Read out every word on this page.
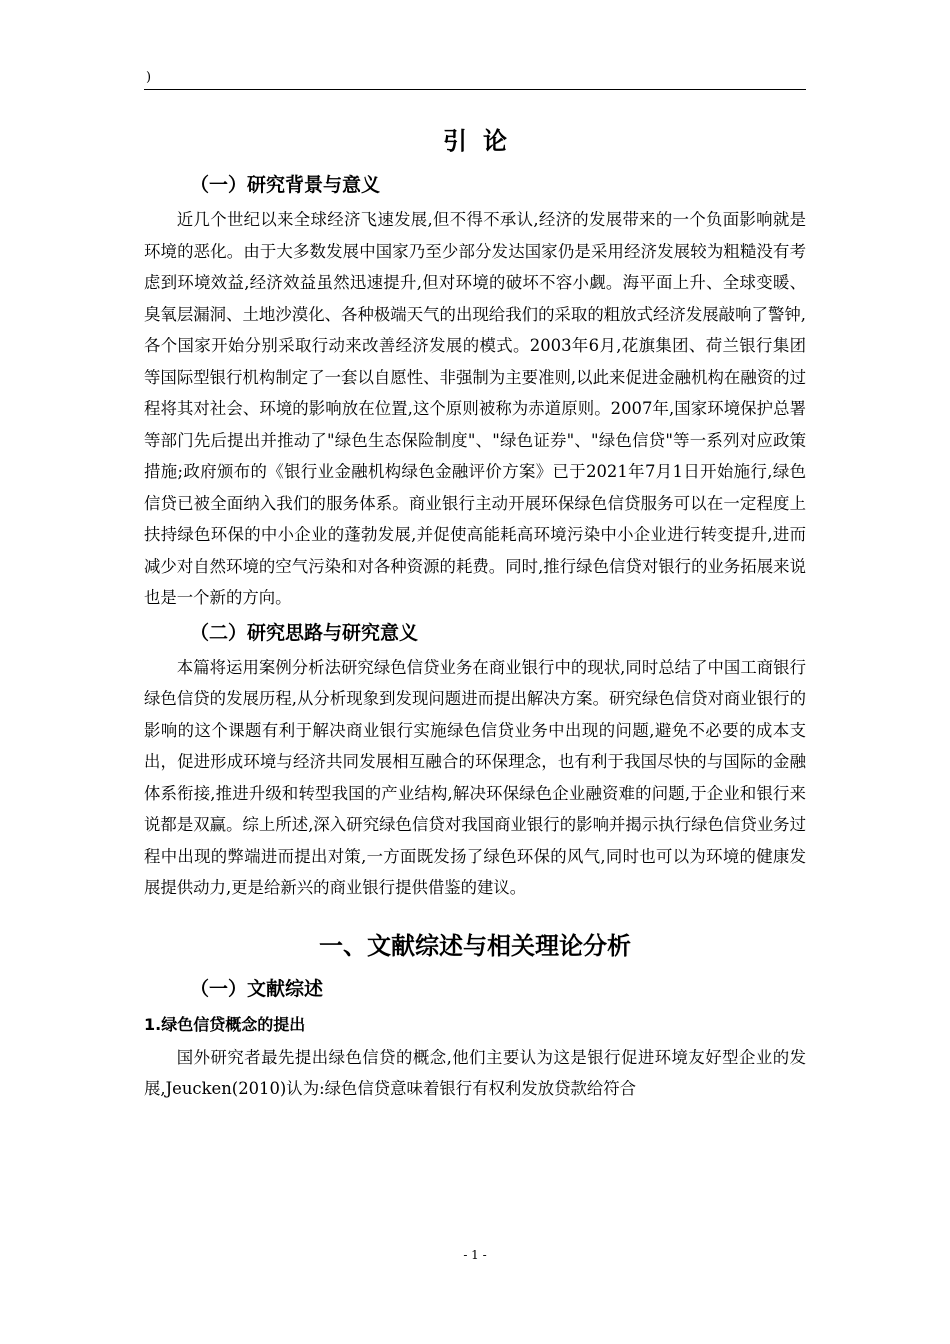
)
引论
（一）研究背景与意义

近几个世纪以来全球经济飞速发展,但不得不承认,经济的发展带来的一个负面影响就是环境的恶化。由于大多数发展中国家乃至少部分发达国家仍是采用经济发展较为粗糙没有考虑到环境效益,经济效益虽然迅速提升,但对环境的破坏不容小觑。海平面上升、全球变暖、臭氧层漏洞、土地沙漠化、各种极端天气的出现给我们的采取的粗放式经济发展敲响了警钟,各个国家开始分别采取行动来改善经济发展的模式。2003年6月,花旗集团、荷兰银行集团等国际型银行机构制定了一套以自愿性、非强制为主要准则,以此来促进金融机构在融资的过程将其对社会、环境的影响放在位置,这个原则被称为赤道原则。2007年,国家环境保护总署等部门先后提出并推动了"绿色生态保险制度"、"绿色证券"、"绿色信贷"等一系列对应政策措施;政府颁布的《银行业金融机构绿色金融评价方案》已于2021年7月1日开始施行,绿色信贷已被全面纳入我们的服务体系。商业银行主动开展环保绿色信贷服务可以在一定程度上扶持绿色环保的中小企业的蓬勃发展,并促使高能耗高环境污染中小企业进行转变提升,进而减少对自然环境的空气污染和对各种资源的耗费。同时,推行绿色信贷对银行的业务拓展来说也是一个新的方向。

（二）研究思路与研究意义

本篇将运用案例分析法研究绿色信贷业务在商业银行中的现状,同时总结了中国工商银行绿色信贷的发展历程,从分析现象到发现问题进而提出解决方案。研究绿色信贷对商业银行的影响的这个课题有利于解决商业银行实施绿色信贷业务中出现的问题,避免不必要的成本支出，促进形成环境与经济共同发展相互融合的环保理念，也有利于我国尽快的与国际的金融体系衔接,推进升级和转型我国的产业结构,解决环保绿色企业融资难的问题,于企业和银行来说都是双赢。综上所述,深入研究绿色信贷对我国商业银行的影响并揭示执行绿色信贷业务过程中出现的弊端进而提出对策,一方面既发扬了绿色环保的风气,同时也可以为环境的健康发展提供动力,更是给新兴的商业银行提供借鉴的建议。

一、文献综述与相关理论分析
（一）文献综述
1.绿色信贷概念的提出

国外研究者最先提出绿色信贷的概念,他们主要认为这是银行促进环境友好型企业的发展,Jeucken(2010)认为:绿色信贷意味着银行有权利发放贷款给符合

- 1 -
